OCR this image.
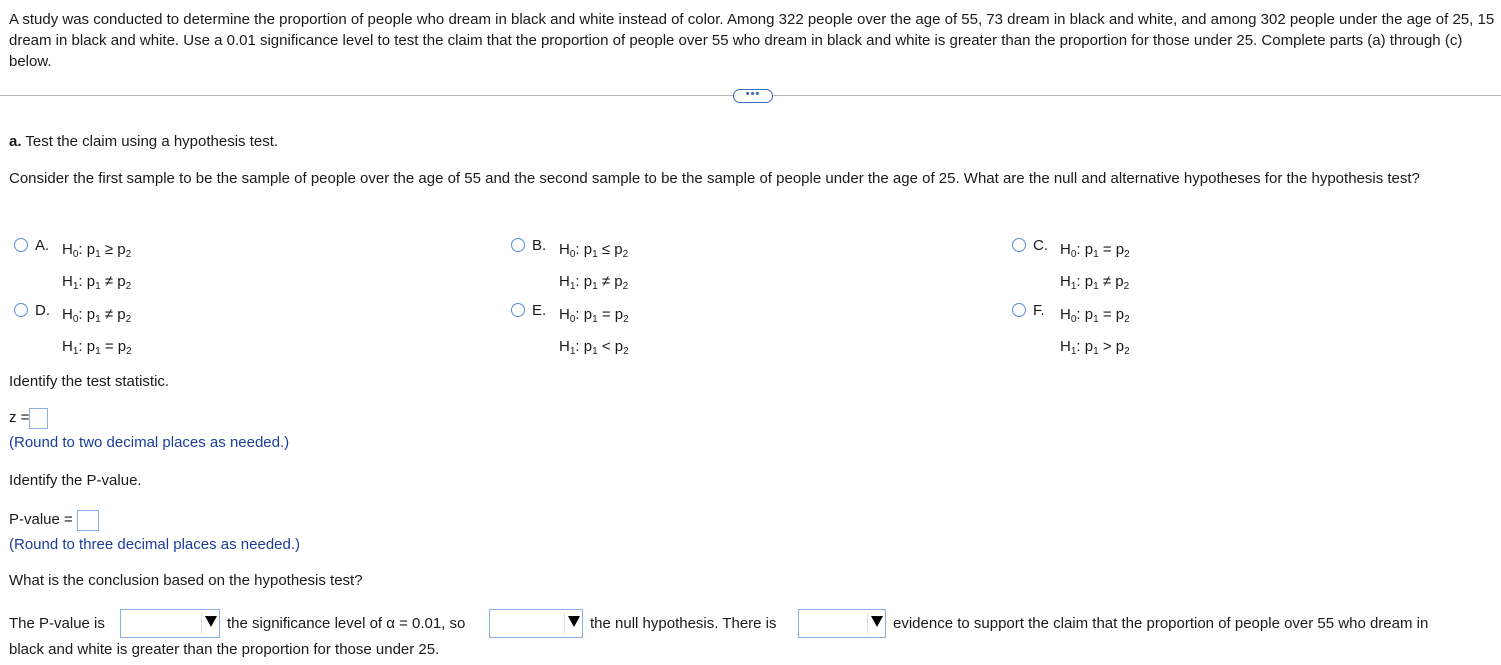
A study was conducted to determine the proportion of people who dream in black and white instead of color. Among 322 people over the age of 55, 73 dream in black and white, and among 302 people under the age of 25, 15 dream in black and white. Use a 0.01 significance level to test the claim that the proportion of people over 55 who dream in black and white is greater than the proportion for those under 25. Complete parts (a) through (c) below.
•••
a. Test the claim using a hypothesis test.
Consider the first sample to be the sample of people over the age of 55 and the second sample to be the sample of people under the age of 25. What are the null and alternative hypotheses for the hypothesis test?
A. $H_0$: $p_1 \ge p_2$
$H_1$: $p_1 \ne p_2$
B. $H_0$: $p_1 \le p_2$
$H_1$: $p_1 \ne p_2$
C. $H_0$: $p_1 = p_2$
$H_1$: $p_1 \ne p_2$
D. $H_0$: $p_1 \ne p_2$
$H_1$: $p_1 = p_2$
E. $H_0$: $p_1 = p_2$
$H_1$: $p_1 < p_2$
F.	$H_0$: $p_1 = p_2$
$H_1$: $p_1 > p_2$
Identify the test statistic.
z =
(Round to two decimal places as needed.)
Identify the P-value.
P-value =
(Round to three decimal places as needed.)
What is the conclusion based on the hypothesis test?
The P-value is	the significance level of α = 0.01, so	the null hypothesis. There is	evidence to support the claim that the proportion of people over 55 who dream in
black and white is greater than the proportion for those under 25.
